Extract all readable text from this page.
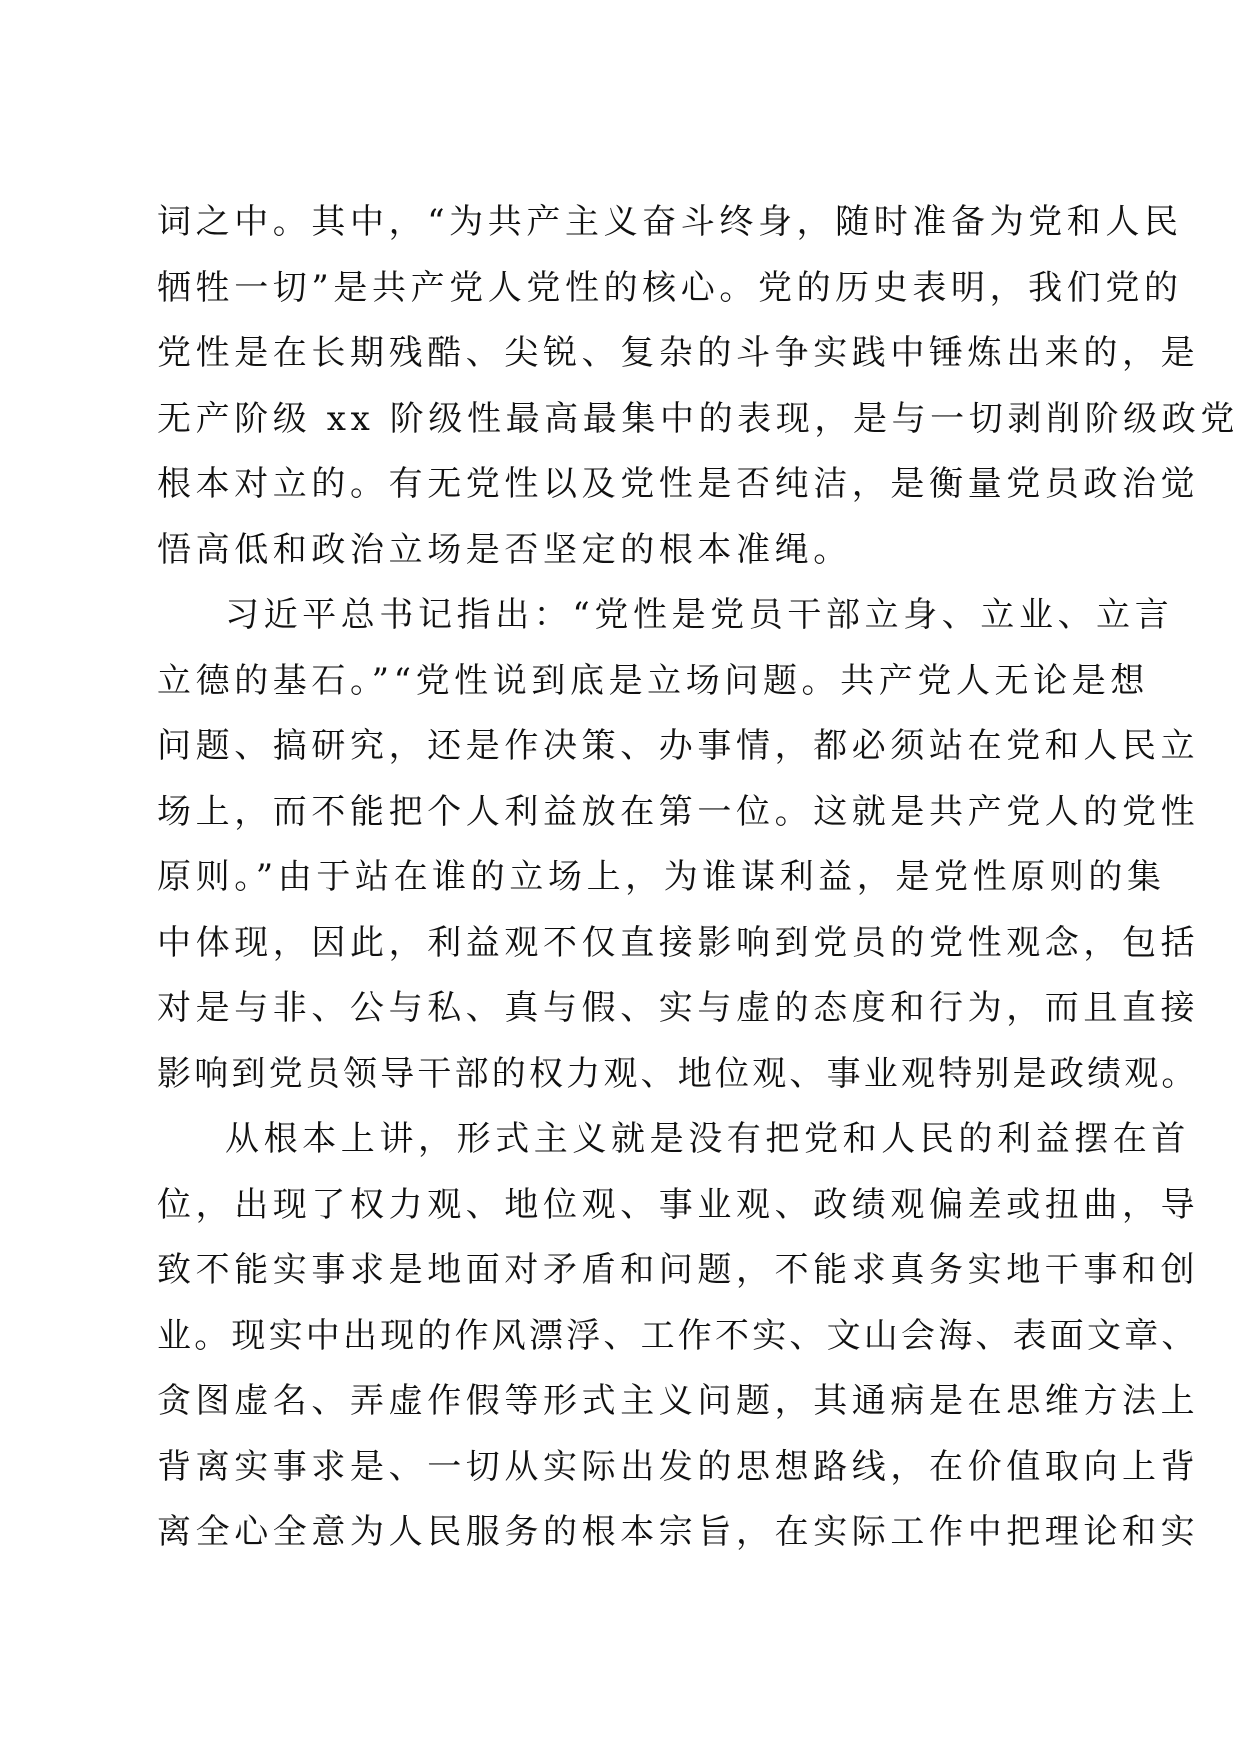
词之中。其中，“为共产主义奋斗终身，随时准备为党和人民
牺牲一切”是共产党人党性的核心。党的历史表明，我们党的
党性是在长期残酷、尖锐、复杂的斗争实践中锤炼出来的，是
无产阶级 xx 阶级性最高最集中的表现，是与一切剥削阶级政党
根本对立的。有无党性以及党性是否纯洁，是衡量党员政治觉
悟高低和政治立场是否坚定的根本准绳。

习近平总书记指出：“党性是党员干部立身、立业、立言
立德的基石。”“党性说到底是立场问题。共产党人无论是想
问题、搞研究，还是作决策、办事情，都必须站在党和人民立
场上，而不能把个人利益放在第一位。这就是共产党人的党性
原则。”由于站在谁的立场上，为谁谋利益，是党性原则的集
中体现，因此，利益观不仅直接影响到党员的党性观念，包括
对是与非、公与私、真与假、实与虚的态度和行为，而且直接
影响到党员领导干部的权力观、地位观、事业观特别是政绩观。

从根本上讲，形式主义就是没有把党和人民的利益摆在首
位，出现了权力观、地位观、事业观、政绩观偏差或扭曲，导
致不能实事求是地面对矛盾和问题，不能求真务实地干事和创
业。现实中出现的作风漂浮、工作不实、文山会海、表面文章、
贪图虚名、弄虚作假等形式主义问题，其通病是在思维方法上
背离实事求是、一切从实际出发的思想路线，在价值取向上背
离全心全意为人民服务的根本宗旨，在实际工作中把理论和实
